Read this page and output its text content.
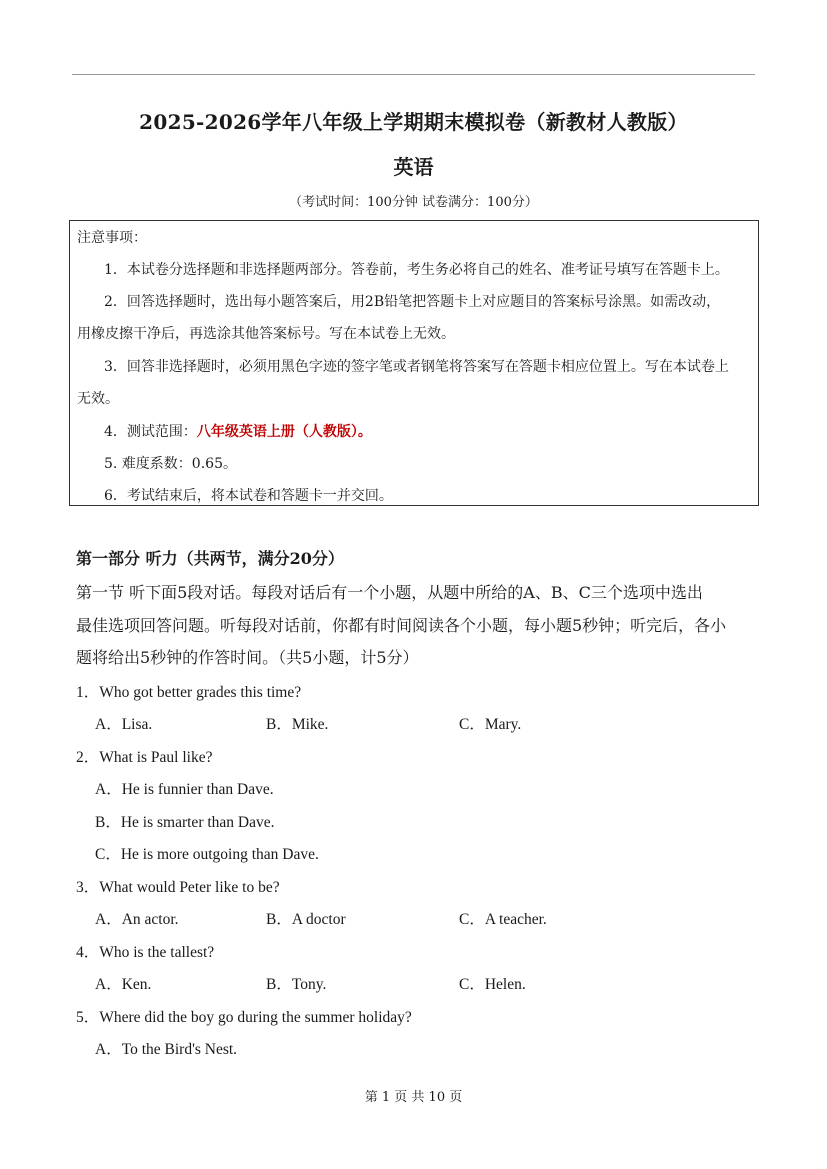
2025-2026学年八年级上学期期末模拟卷（新教材人教版）
英语
（考试时间：100分钟 试卷满分：100分）
注意事项：
1．本试卷分选择题和非选择题两部分。答卷前，考生务必将自己的姓名、准考证号填写在答题卡上。
2．回答选择题时，选出每小题答案后，用2B铅笔把答题卡上对应题目的答案标号涂黑。如需改动，
用橡皮擦干净后，再选涂其他答案标号。写在本试卷上无效。
3．回答非选择题时，必须用黑色字迹的签字笔或者钢笔将答案写在答题卡相应位置上。写在本试卷上
无效。
4．测试范围：八年级英语上册（人教版）。
5. 难度系数：0.65。
6．考试结束后，将本试卷和答题卡一并交回。
第一部分 听力（共两节，满分20分）
第一节 听下面5段对话。每段对话后有一个小题，从题中所给的A、B、C三个选项中选出
最佳选项回答问题。听每段对话前，你都有时间阅读各个小题，每小题5秒钟；听完后，各小
题将给出5秒钟的作答时间。（共5小题，计5分）
1．Who got better grades this time?
A．Lisa.	B．Mike.	C．Mary.
2．What is Paul like?
A．He is funnier than Dave.
B．He is smarter than Dave.
C．He is more outgoing than Dave.
3．What would Peter like to be?
A．An actor.	B．A doctor	C．A teacher.
4．Who is the tallest?
A．Ken.	B．Tony.	C．Helen.
5．Where did the boy go during the summer holiday?
A．To the Bird's Nest.
第 1 页 共 10 页
